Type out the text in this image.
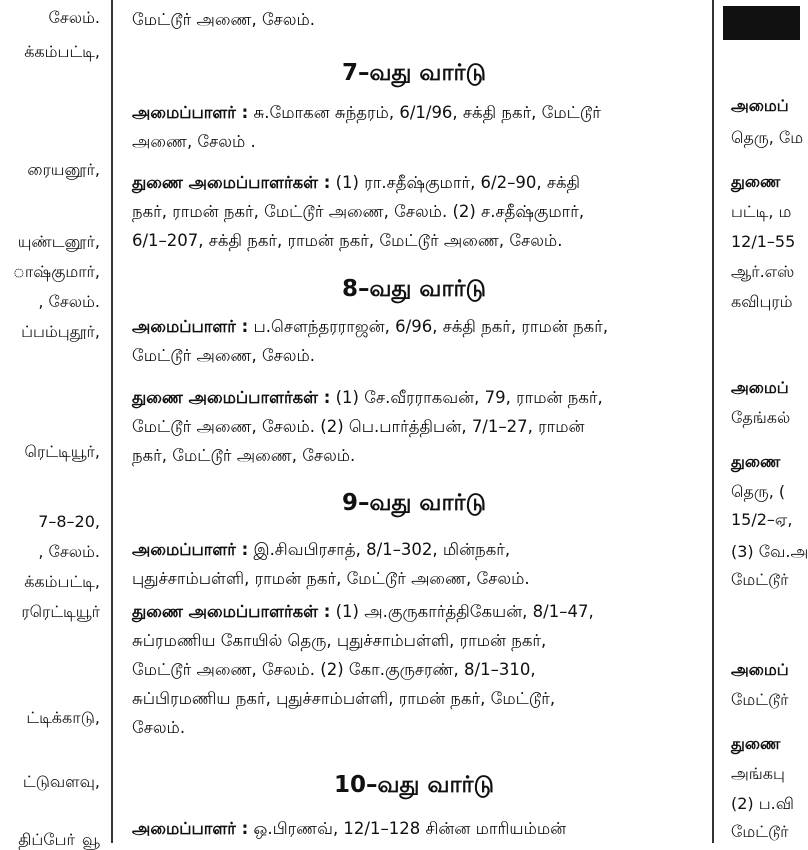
சேலம்.
க்கம்பட்டி,
ரையனூர்,
யுண்டனூர்,
ாஷ்குமார்,
, சேலம்.
ப்பம்புதூர்,
ரெட்டியூர்,
7–8–20,
, சேலம்.
க்கம்பட்டி,
ரரெட்டியூர்
ட்டிக்காடு,
ட்டுவளவு,
திப்போ் வூ
மேட்டூர் அணை, சேலம்.
7–வது வார்டு
அமைப்பாளர் : சு.மோகன சுந்தரம், 6/1/96, சக்தி நகர், மேட்டூர்
அணை, சேலம் .
துணை அமைப்பாளர்கள் : (1) ரா.சதீஷ்குமார், 6/2–90, சக்தி
நகர், ராமன் நகர், மேட்டூர் அணை, சேலம். (2) ச.சதீஷ்குமார்,
6/1–207, சக்தி நகர், ராமன் நகர், மேட்டூர் அணை, சேலம்.
8–வது வார்டு
அமைப்பாளர் : ப.சௌந்தரராஜன், 6/96, சக்தி நகர், ராமன் நகர்,
மேட்டூர் அணை, சேலம்.
துணை அமைப்பாளர்கள் : (1) சே.வீரராகவன், 79, ராமன் நகர்,
மேட்டூர் அணை, சேலம். (2) பெ.பார்த்திபன், 7/1–27, ராமன்
நகர், மேட்டூர் அணை, சேலம்.
9–வது வார்டு
அமைப்பாளர் : இ.சிவபிரசாத், 8/1–302, மின்நகர்,
புதுச்சாம்பள்ளி, ராமன் நகர், மேட்டூர் அணை, சேலம்.
துணை அமைப்பாளர்கள் : (1) அ.குருகார்த்திகேயன், 8/1–47,
சுப்ரமணிய கோயில் தெரு, புதுச்சாம்பள்ளி, ராமன் நகர்,
மேட்டூர் அணை, சேலம். (2) கோ.குருசரண், 8/1–310,
சுப்பிரமணிய நகர், புதுச்சாம்பள்ளி, ராமன் நகர், மேட்டூர்,
சேலம்.
10–வது வார்டு
அமைப்பாளர் : ஒ.பிரணவ், 12/1–128 சின்ன மாரியம்மன்
அமைப்
தெரு, மே
துணை
பட்டி, ம
12/1–55
ஆர்.எஸ்
கவிபுரம்
அமைப்
தேங்கல்
துணை
தெரு, (
15/2–ஏ,
(3) வே.அ
மேட்டூர்
அமைப்
மேட்டூர்
துணை
அங்கபு
(2) ப.வி
மேட்டூர்
